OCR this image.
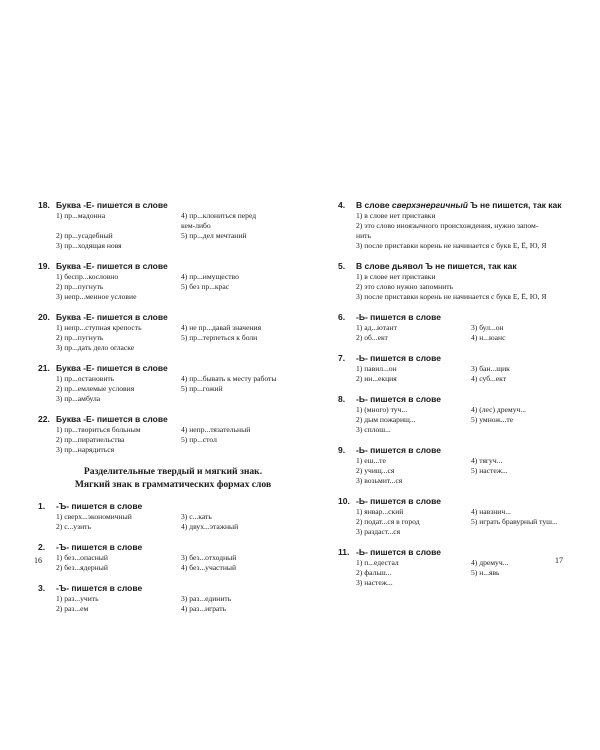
18. Буква -Е- пишется в слове
1) пр...мадонна	4) пр...клониться перед
кем-либо
2) пр...усадебный	5) пр...дел мечтаний
3) пр...ходящая новя
19. Буква -Е- пишется в слове
1) беспр...кословно	4) пр...имущество
2) пр...пугнуть	5) без пр...крас
3) непр...менное условие
20. Буква -Е- пишется в слове
1) непр...ступная крепость	4) не пр...давай значения
2) пр...пугнуть	5) пр...терпеться к боли
3) пр...дать дело огласке
21. Буква -Е- пишется в слове
1) пр...остановить	4) пр...бывать к месту работы
2) пр...емлемые условия	5) пр...гожий
3) пр...амбула
22. Буква -Е- пишется в слове
1) пр...твориться больным	4) непр...тязательный
2) пр...пиратиельства	5) пр...стол
3) пр...нарядиться
Разделительные твердый и мягкий знак.
Мягкий знак в грамматических формах слов
1. -Ъ- пишется в слове
1) сверх...экономичный	3) с...кать
2) с...узить	4) двух...этажный
2. -Ъ- пишется в слове
1) без...опасный	3) без...отходный
2) без...ядерный	4) без...участный
3. -Ъ- пишется в слове
1) раз...учить	3) раз...единить
2) раз...ем	4) раз...играть
4. В слове сверхэнергичный Ъ не пишется, так как
1) в слове нет приставки
2) это слово иноязычного происхождения, нужно запом-
нить
3) после приставки корень не начинается с букв Е, Ё, Ю, Я
5. В слове дьявол Ъ не пишется, так как
1) в слове нет приставки
2) это слово нужно запомнить
3) после приставки корень не начинается с букв Е, Ё, Ю, Я
6. -Ь- пишется в слове
1) ад...ютант	3) бул...он
2) об...ект	4) н...юанс
7. -Ь- пишется в слове
1) павил...он	3) бан...щик
2) ин...екция	4) суб...ект
8. -Ь- пишется в слове
1) (много) туч...	4) (лес) дремуч...
2) дым пожарищ...	5) умнож...те
3) сплош...
9. -Ь- пишется в слове
1) еш...те	4) тягуч...
2) учищ...ся	5) настеж...
3) возьмит...ся
10. -Ь- пишется в слове
1) январ...ский	4) навзнич...
2) подат...ся в город	5) играть бравурный туш...
3) раздаст...ся
11. -Ь- пишется в слове
1) п...едестал	4) дремуч...
2) фальш...	5) н...явь
3) настеж...
16	17
